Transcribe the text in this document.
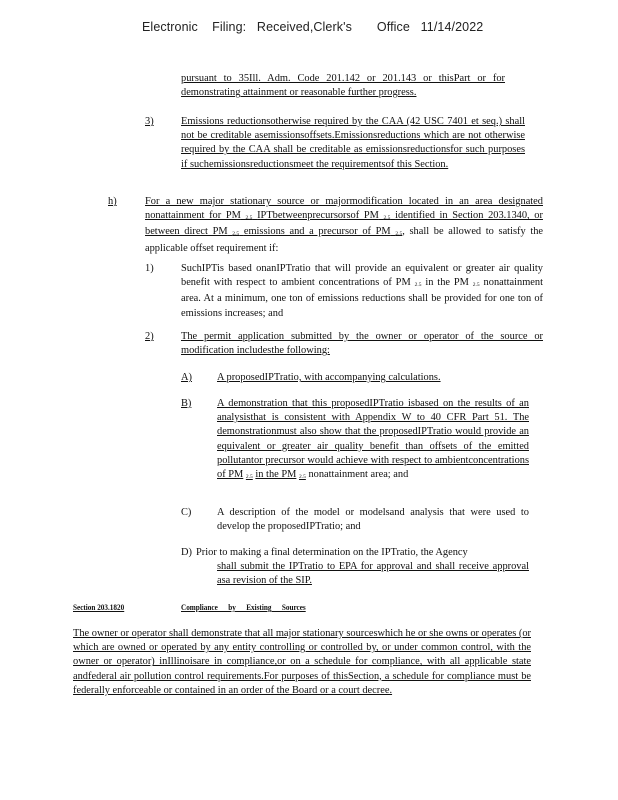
Electronic    Filing:   Received,Clerk's       Office   11/14/2022
pursuant to 35Ill. Adm. Code 201.142 or 201.143 or thisPart or for demonstrating attainment or reasonable further progress.
3)	Emissions reductionsotherwise required by the CAA (42 USC 7401 et seq.) shall not be creditable asemissionsoffsets.Emissionsreductions which are not otherwise required by the CAA shall be creditable as emissionsreductionsfor such purposes if suchemissionsreductionsmeet the requirementsof this Section.
h)	For a new major stationary source or majormodification located in an area designated nonattainment for PM $_{2.5}$ IPTbetweenprecursorsof PM $_{2.5}$ identified in Section 203.1340, or between direct PM $_{2.5}$ emissions and a precursor of PM $_{2.5}$, shall be allowed to satisfy the applicable offset requirement if:
1)	SuchIPTis based onanIPTratio that will provide an equivalent or greater air quality benefit with respect to ambient concentrations of PM $_{2.5}$ in the PM $_{2.5}$ nonattainment area. At a minimum, one ton of emissions reductions shall be provided for one ton of emissions increases; and
2)	The permit application submitted by the owner or operator of the source or modification includesthe following:
A) A proposedIPTratio, with accompanying calculations.
B) A demonstration that this proposedIPTratio isbased on the results of an analysisthat is consistent with Appendix W to 40 CFR Part 51. The demonstrationmust also show that the proposedIPTratio would provide an equivalent or greater air quality benefit than offsets of the emitted pollutantor precursor would achieve with respect to ambientconcentrations of PM $_{2.5}$ in the PM $_{2.5}$ nonattainment area; and
C) A description of the model or modelsand analysis that were used to develop the proposedIPTratio; and
D) Prior to making a final determination on the IPTratio, the Agency
shall submit the IPTratio to EPA for approval and shall receive approval asa revision of the SIP.
Section 203.1820	Compliance by Existing Sources
The owner or operator shall demonstrate that all major stationary sourceswhich he or she owns or operates (or which are owned or operated by any entity controlling or controlled by, or under common control, with the owner or operator) inIllinoisare in compliance,or on a schedule for compliance, with all applicable state andfederal air pollution control requirements.For purposes of thisSection, a schedule for compliance must be federally enforceable or contained in an order of the Board or a court decree.
